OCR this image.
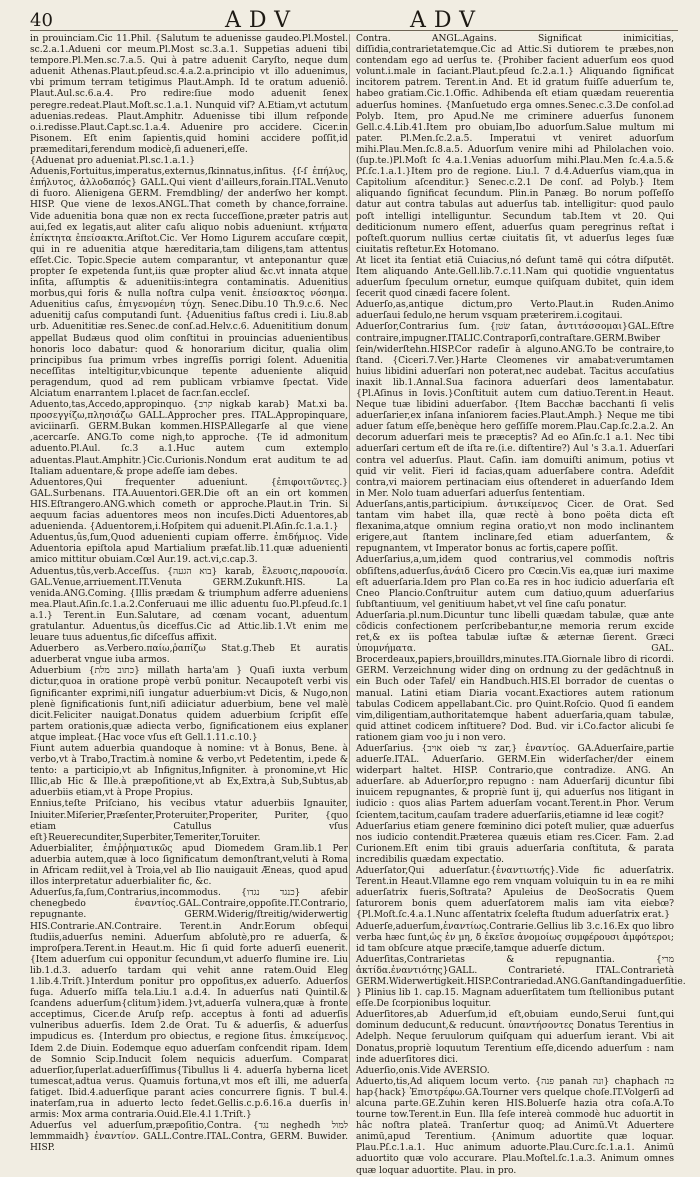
40	ADV	ADV

in prouinciam.Cic 11.Phil. {Salutum te aduenisse gaudeo.Pl.Mostel. sc.2.a.1.Adueni cor meum.Pl.Most sc.3.a.1. Suppetias adueni tibi tempore.Pl.Men.sc.7.a.5. Qui à patre aduenit Caryſto, neque dum aduenit Athenas.Plaut.pſeud.sc.4.a.2.a.principio vt illo aduenimus, vbi primum terram tetigimus Plaut.Amph. Id te oratum adueniô. Plaut.Aul.sc.6.a.4. Pro redire:ſiue modo aduenit ſenex peregre.redeat.Plaut.Moſt.sc.1.a.1. Nunquid viſ? A.Etiam,vt actutum aduenias.redeas. Plaut.Amphitr. Aduenisse tibi illum reſponde o.i.redisse.Plaut.Capt.sc.1.a.4. Aduenire pro accidere. Cicer.in Pisonem. Eſt enim ſapientis,quid homini accidere poſſit,id præmeditari,ferendum modicè,ſi adueneri,eſſe.

{Aduenat pro adueniat.Pl.sc.1.a.1.}

Aduenis,Fortuitus,imperatus,externus,ſkinnatus,inſitus. {ſ-ſ ἐπήλυς, ἐπήλυτος, ἀλλοδαπός} GALL.Qui vient d'ailleurs,forain.ITAL.Venuto di fuoro. Alienigena GERM. Fremdbling/ der anderſwo her kompt. HISP. Que viene de lexos.ANGL.That cometh by chance,forraine. Vide aduenitia bona quæ non ex recta ſucceſſione,præter patris aut aui,ſed ex legatis,aut aliter caſu aliquo nobis adueniunt. κτήματα ἐπίκτητα ἐπείσακτα.Ariſtot.Cic. Ver Homo Ligurem accuſare cœpit, qui in re aduenitia atque hæreditaria,tam diligens,tam attentus eſſet.Cic. Topic.Specie autem comparantur, vt anteponantur quæ propter ſe expetenda ſunt,iis quæ propter aliud &c.vt innata atque inſita, aſſumptis & aduenitiis:integra contaminatis. Aduenitius morbus,qui foris & nulla noſtra culpa venit. ἐπείσακτος νόσημα. Aduenitius caſus, ἐπιγενομένη τύχη. Senec.Dibu.10 Th.9.c.6. Nec aduenitij caſus computandi ſunt. {Aduenitius faſtus credi i. Liu.8.ab urb. Aduenititiæ res.Senec.de conſ.ad.Helv.c.6. Aduenititium donum appellat Budæus quod olim conſtitui in prouincias aduenientibus honoris loco dabatur: quod & honorarium dicitur, qualia olim principibus ſua primum vrbes ingreſſis porrigi ſolent. Aduenitia neceſſitas inteltigitur,vbicunque tepente adueniente aliquid peragendum, quod ad rem publicam vrbiamve ſpectat. Vide Alciatum enarrantem l.placet de ſacr.ſan.eccleſ.

Aduento,tas,Accedo,appropinquo. {קרב nigkab karab} Mat.xi ba. προσεγγίζω,πλησιάζω GALL.Approcher pres. ITAL.Appropinquare, aviciinarſi. GERM.Bukan kommen.HISP.Allegarſe al que viene ,acercarſe. ANG.To come nigh,to approche. {Te id admonitum aduento.Pl.Aul. ſc.3 a.1.Huc autem cum extemplo aduentas.Plaut.Amphitr.}Cic.Curionis.Nondum erat auditum te ad Italiam aduentare,& prope adeſſe iam debes.

Aduentores,Qui frequenter adueniunt. {ἐπιφοιτῶντες.} GAL.Surbenans. ITA.Auuentori.GER.Die oft an ein ort kommen HIS.Eſtrangero.ANG.which cometh or approche.Plaut.in Trin. Si aequum facias aduentores meos non incuſes.Dicti Aduentores,ab aduenienda. {Aduentorem,i.Hoſpitem qui aduenit.Pl.Aſin.ſc.1.a.1.}

Aduentus,ûs,ſum,Quod aduenienti cupiam offerre. ἐπιδήμιος. Vide Aduentoria epiſtola apud Martialium præfat.lib.11.quæ aduenienti amico mittitur obuiam.Cœl Aur.19. act.vi,c.cap.3.

Aduentus,tûs,verb.Acceſſus. {בוא הגעה} karab, ἔλευσις,παρουσία. GAL.Venue,arriuement.IT.Venuta GERM.Zukunft.HIS. La venida.ANG.Coming. {Illis prædam & triumphum adferre adueniens mea.Plaut.Aſin.ſc.1.a.2.Conferuaui me illic aduentu ſuo.Pl.pſeud.ſc.1 a.1.} Terent.in Eun.Salutare, ad cœnam vocant, aduentum gratulantur. Aduentus,ûs dicefſus.Cic ad Attic.lib.1.Vt enim me leuare tuus aduentus,ſic diſceſſus affixit.

Aduerbero as.Verbero.παίω,ῥαπίζω Stat.g.Theb Et auratis aduerberat vngue iuba armos.

Aduerbium {כתוב מלת} millath harta'am } Quaſi iuxta verbum dictur,quoa in oratione propè verbū ponitur. Necaupoteſt verbi vis ſignificanter exprimi,niſi iungatur aduerbium:vt Dicis, & Nugo,non plenè ſignificationis ſunt,niſi adiiciatur aduerbium, bene vel malè dicit.Feliciter nauigat.Donatus quidem aduerbium ſcripſit eſſe partem orationis,quæ adiecta verbo, ſignificationem eius explaner atque impleat.{Hac voce vſus eſt Gell.1.11.c.10.}

Fiunt autem aduerbia quandoque à nomine: vt à Bonus, Bene. à verbo,vt à Trabo,Tractim.à nomine & verbo,vt Pedetentim, i.pede & tento: a participio,vt ab Infignitus,Infigniter. à pronomine,vt Hic Illic,ab Hic & Ille.à præpoſitione,vt ab Ex,Extra,à Sub,Subtus,ab aduerbiis etiam,vt à Prope Propius.

Ennius,teſte Priſciano, his vecibus vtatur aduerbiis Ignauiter, Iniuiter.Miſerier,Præſenter,Proteruiter,Properiter, Puriter, {quo etiam Catullus vſus eſt}Reuerecunditer,Superbiter,Temeriter,Toruiter.

Aduerbialiter, ἐπιῤῥηματικῶς apud Diomedem Gram.lib.1 Per aduerbia autem,quæ à loco ſignificatum demonſtrant,veluti à Roma in Africam rediit,vel à Troia,vel ab Ilio nauigauit Æneas, quod apud illos interpretatur aduerbialiter fic, &c.

Aduerſus,fa,ſum,Contrarius,incommodus. {כנגד נגדו} afebir chenegbedo ἐναντίος.GAL.Contraire,oppoſite.IT.Contrario, repugnante. GERM.Widerig/ſtreitig/widerwertig HIS.Contrarie.AN.Contraire. Terent.in Andr.Eorum obſequi ſtudiis,aduerſus nemini. Aduerſum abſolutè,pro re aduerſa, & improſpera.Terent.in Heaut.m. Hic ſi quid forte aduerſi euenerit. {Item aduerſum cui opponitur ſecundum,vt aduerſo flumine ire. Liu lib.1.d.3. aduerſo tardam qui vehit anne ratem.Ouid Eleg 1.lib.4.Triſt.}Interdum ponitur pro oppoſitus,ex aduerſo. Aduerſos fuga. Aduerſo miſſa tela.Liu.1 a.d.4. In aduerſus nati Quintil.& ſcandens aduerſum{clitum}idem.}vt,aduerſa vulnera,quæ à fronte acceptimus, Cicer.de Aruſp reſp. acceptus à fonti ad aduerſis vulneribus aduerſis. Idem 2.de Orat. Tu & aduerſis, & aduerſus impudicus es. {Interdum pro obiectus, e regione ſitus. ἐπικείμενος. Idem 2.de Diuin. Eodemque equo aduerſam confcendit ripam. Idem de Somnio Scip.Inducit ſolem nequicis aduerſum. Comparat aduerſior,ſuperlat.aduerſiſſimus{Tibullus li 4. aduerſa hyberna licet tumescat,adtua verus. Quamuis fortuna,vt mos eſt illi, me aduerſa fatiget. Ibid.4.aduerſique parant acies concurrere ſignis. T bul.4. inaterſam,rua in aduerto lecto ſedet.Gellis.c.p.6.16.a duerſis in armis: Mox arma contraria.Ouid.Ele.4.l 1.Triſt.}

Aduerſus vel aduerſum,præpoſitio,Contra. {נגד neghedh למול lemmmaidh} ἐναντίον. GALL.Contre.ITAL.Contra, GERM. Buwider. HISP.

Contra. ANGL.Agains. Significat inimicitias, diſſidia,contrarietatemque.Cic ad Attic.Si dutiorem te præbes,non contendam ego ad uerſus te. {Prohiber facient aduerſum eos quod volunt.i.male in ſaciant.Plaut.pſeud ſc.2.a.1.} Aliquando ſignificat incitorem patrem. Terent.in And. Et id gratum fuiſſe aduerſum te, habeo gratiam.Cic.1.Offic. Adhibenda eſt etiam quædam reuerentia aduerſus homines. {Manſuetudo erga omnes.Senec.c.3.De conſol.ad Polyb. Item, pro Apud.Ne me criminere aduerſus ſunonem Gell.c.4.Lib.41.Item pro obuiam,Ibo aduorſum.Salue multum mi pater. Pl.Men.ſc.2.a.5. Imperatui vt veniret aduorſum mihi.Plau.Men.ſc.8.a.5. Aduorſum venire mihi ad Philolachen voio.(ſup.te.)Pl.Moſt ſc 4.a.1.Venias aduorſum mihi.Plau.Men ſc.4.a.5.& Pſ.ſc.1.a.1.}Item pro de regione. Liu.l. 7 d.4.Aduerſus viam,qua in Capitolium aſcenditur.} Senec.c.2.1 De conſ. ad Polyb.} Item aliquando ſignificat ſecundum. Plin.in Panæg. Bo norum poſſeſſo datur aut contra tabulas aut aduerſus tab. intelligitur: quod paulo poſt intelligi intelliguntur. Secundum tab.Item vt 20. Qui dediticionum numero eſſent, aduerſus quam peregrinus reſtat i poſteſt.quorum nullius certæ ciuitatis ſit, vt aduerſus leges ſuæ ciuitatis reſtetur.Ex Hotomano.

At licet ita ſentiat etiā Cuiacius,nó deſunt tamē qui cótra diſputēt. Item aliquando Ante.Gell.lib.7.c.11.Nam qui quotidie vnguentatus aduerſum ſpeculum ornetur, eumque quiſquam dubitet, quin idem ſecerit quod cinædi facere ſolent.

Aduerſo,as,antique dictum,pro Verto.Plaut.in Ruden.Animo aduerſaui ſedulo,ne herum vsquam præterirem.i.cogitaui.

Aduerſor,Contrarius ſum. {שׂטן ſatan, ἀντιτάσσομαι}GAL.Eſtre contraire,impugner.ITALIC.Contraporſi,contraſtare.GERM.Bwiber ſein/widerſtehn.HISP.Cor radeſir à alguno.ANG.To be contraire,to ſtand. {Ciceri.7.Ver.}Harte Cleomenes vir amabat:verumtamen huius libidini aduerſari non poterat,nec audebat. Tacitus accuſatius inaxit lib.1.Annal.Sua facinora aduerſari deos lamentabatur. {Pl.Aſinus in Iovis.}Conſtituit autem cum datiuo.Terent.in Heaut. Neque tuæ libidini aduerſabor. {Item Bacchæ bacchanti ſi velis aduerſarier,ex inſana inſaniorem facies.Plaut.Amph.} Neque me tibi aduer ſatum eſſe,benèque hero geſſiſſe morem.Plau.Cap.ſc.2.a.2. An decorum aduerſari meis te præceptis? Ad eo Aſin.ſc.1 a.1. Nec tibi aduerſari certum eſt de iſta re.(i.e. diſtentire?) Aul 's 3.a.1. Aduerſari contra vel aduerſus. Plaut. Caſin. iam domuiſti animum, potius vt quid vir velit. Fieri id facias,quam aduerſabere contra. Adeſdit contra,vi maiorem pertinaciam eius oſtenderet in aduerſando Idem in Mer. Nolo tuam aduerſari aduerſus ſententiam.

Aduerſans,antis,participium. ἀντικείμενος Cicer. de Orat. Sed tantam vim habet illa, quæ rectè à bono poëta dicta eſt flexanima,atque omnium regina oratio,vt non modo inclinantem erigere,aut ſtantem inclinare,ſed etiam aduerſantem, & repugnantem, vt Imperator bonus ac fortis,capere poſſit.

Aduerſarius,a,um,idem quod contrarius,vel commodis noſtris obſiſtens,aduerſus,ἀνάιδ Cicero pro Cœcin.Vis ea,quæ iuri maxime eſt aduerſaria.Idem pro Plan co.Ea res in hoc iudicio aduerſaria eſt Cneo Plancio.Conſtruitur autem cum datiuo,quum aduerſarius ſubſtantiuum, vel genitiuum habet,vt vel ſine caſu ponatur.

Aduerſaria.pl.num.Dicuntur tunc libelli quædam tabulæ, quæ ante cõdicis confectionem perſcribebantur,ne memoria rerum excide ret,& ex iis poſtea tabulæ iuſtæ & æternæ ſierent. Græci ὑπομνήματα. GAL. Brocerdeaux,papiers,brouilldrs,minutes.ITA.Giornale libro di ricordi. GERM. Verzeichnung wider ding on ordnung zu der gedächtnuß in ein Buch oder Tafel/ ein Handbuch.HIS.El borrador de cuentas o manual. Latini etiam Diaria vocant.Exactiores autem rationum tabulas Codicem appellabant.Cic. pro Quint.Roſcio. Quod ſi eandem vim,diligentiam,authoritatemque habent aduerſaria,quam tabulæ, quid attinet codicem inſtituere? Dod. Bud. vir i.Co.factor alicubi ſe rationem giam voo ju i non vero.

Aduerſarius. {אויב oieb צר zar,} ἐναντίος. GA.Aduerſaire,partie aduerſe.ITAL. Aduerſario. GERM.Ein widerſacher/der einem widerpart haltet. HISP. Contrario,que contradize. ANG. An aduerſare. ab Aduerſor,pro repugno : nam Aduerſarij dicuntur ſibi inuicem repugnantes, & propriè ſunt ij, qui aduerſus nos litigant in iudicio : quos alias Partem aduerſam vocant.Terent.in Phor. Verum ſcientem,tacitum,cauſam tradere aduerſariis,etiamne id leæ cogit?

Aduerſarius etiam genere fœminino dici poteſt mulier, quæ aduerſus nos iudicio contendit.Præterea quæuis etiam res.Cicer. Fam. 2.ad Curionem.Eſt enim tibi grauis aduerſaria conſtituta, & parata incredibilis quædam expectatio.

Aduerſator,Qui aduerſatur.{ἐναντιωτής}.Vide fic aduerſatrix. Terent.in Heaut.Vllamne ego rem vnquam voluiquin tu in ea re mihi aduerſatrix fueris,Soſtrata? Apuleius de DeoSocratis Quem ſaturorem bonis quem aduerſatorem malis iam vita eiebœ? {Pl.Moſt.ſc.4.a.1.Nunc aſſentatrix ſcelefta ſtudum aduerſatrix erat.}

Aduerſe,aduerſum,ἐναντίως.Contrarie.Gellius lib 3.c.16.Ex quo libro verba hæc ſunt,ὡς ἐν μη, δ ἐκεῖσε ἀνομοίως συμφέρουσι ἀμφότεροι; id tam obſcure atque præciſe,tamque aduerſe dictum.

Aduerſitas,Contrarietas & repugnantia. {מרי ἀκτίδα.ἐναντιότης}GALL. Contrarieté. ITAL.Contrarietà GERM.Widerwertigkeit.HISP.Contrariedad.ANG.Ganſtandingaduerſitie. } Plinius lib 1. cap.15. Magnam aduerſitatem tum ſtellionibus putant eſſe.De ſcorpionibus loquitur.

Aduerſitores,ab Aduerſum,id eſt,obuiam eundo,Serui ſunt,qui dominum deducunt,& reducunt. ὑπαντήσοντες Donatus Terentius in Adelph. Neque ſeruulorum quiſquam qui aduerſum ierant. Vbi ait Donatus,propriè loquutum Terentium eſſe,dicendo aduerſum : nam inde aduerſitores dici.

Aduerſio,onis.Vide AVERSIO.

Aduerto,tis,Ad aliquem locum verto. {פנה panah ונה} chaphach בה hap{hack} Ἐπιστρέφω.GA.Tourner vers quelque choſe.IT.Volgerſi ad alcuna parte.GE.Zuhin keren HIS.Boluerſe hazia otra coſa.A.To tourne tow.Terent.in Eun. Illa ſeſe intereà commodè huc aduortit in hâc noſtra plateā. Tranſertur quoq; ad Animū.Vt Aduertere animū,apud Terentium. {Animum aduortite quæ loquar. Plau.Pſ.c.1.a.1. Huc animum aduorte.Plau.Curc.ſc.1.a.1. Animū aduortito quæ volo accurare. Plau.Moſtel.ſc.1.a.3. Animum omnes quæ loquar aduortite. Plau. in pro.
